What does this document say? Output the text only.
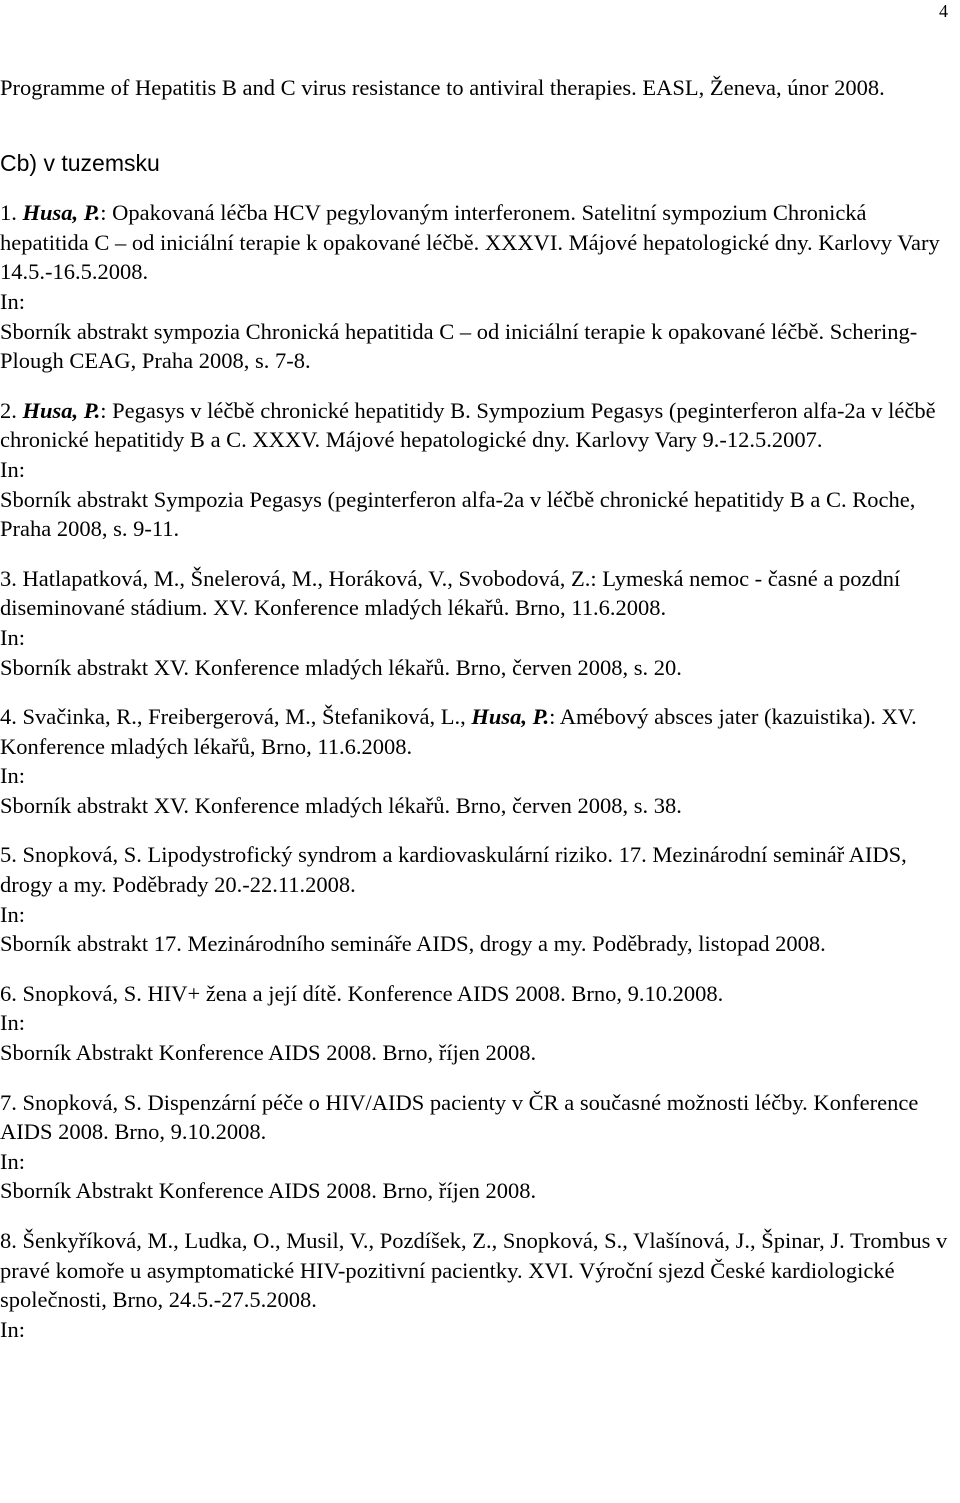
4

Programme of Hepatitis B and C virus resistance to antiviral therapies. EASL, Ženeva, únor 2008.

Cb) v tuzemsku

1. Husa, P.: Opakovaná léčba HCV pegylovaným interferonem. Satelitní sympozium Chronická hepatitida C – od iniciální terapie k opakované léčbě. XXXVI. Májové hepatologické dny. Karlovy Vary 14.5.-16.5.2008.

In:

Sborník abstrakt sympozia Chronická hepatitida C – od iniciální terapie k opakované léčbě. Schering-Plough CEAG, Praha 2008, s. 7-8.

2. Husa, P.: Pegasys v léčbě chronické hepatitidy B. Sympozium Pegasys (peginterferon alfa-2a v léčbě chronické hepatitidy B a C. XXXV. Májové hepatologické dny. Karlovy Vary 9.-12.5.2007.

In:

Sborník abstrakt Sympozia Pegasys (peginterferon alfa-2a v léčbě chronické hepatitidy B a C. Roche, Praha 2008, s. 9-11.

3. Hatlapatková, M., Šnelerová, M., Horáková, V., Svobodová, Z.: Lymeská nemoc - časné a pozdní diseminované stádium. XV. Konference mladých lékařů. Brno, 11.6.2008.

In:

Sborník abstrakt XV. Konference mladých lékařů. Brno, červen 2008, s. 20.

4. Svačinka, R., Freibergerová, M., Štefaniková, L., Husa, P.: Amébový absces jater (kazuistika). XV. Konference mladých lékařů, Brno, 11.6.2008.

In:

Sborník abstrakt XV. Konference mladých lékařů. Brno, červen 2008, s. 38.

5. Snopková, S. Lipodystrofický syndrom a kardiovaskulární riziko. 17. Mezinárodní seminář AIDS, drogy a my. Poděbrady 20.-22.11.2008.

In:

Sborník abstrakt 17. Mezinárodního semináře AIDS, drogy a my. Poděbrady, listopad 2008.

6. Snopková, S. HIV+ žena a její dítě. Konference AIDS 2008. Brno, 9.10.2008.

In:

Sborník Abstrakt Konference AIDS 2008. Brno, říjen 2008.

7. Snopková, S. Dispenzární péče o HIV/AIDS pacienty v ČR a současné možnosti léčby. Konference AIDS 2008. Brno, 9.10.2008.

In:

Sborník Abstrakt Konference AIDS 2008. Brno, říjen 2008.

8. Šenkyříková, M., Ludka, O., Musil, V., Pozdíšek, Z., Snopková, S., Vlašínová, J., Špinar, J. Trombus v pravé komoře u asymptomatické HIV-pozitivní pacientky. XVI. Výroční sjezd České kardiologické společnosti, Brno, 24.5.-27.5.2008.

In:
